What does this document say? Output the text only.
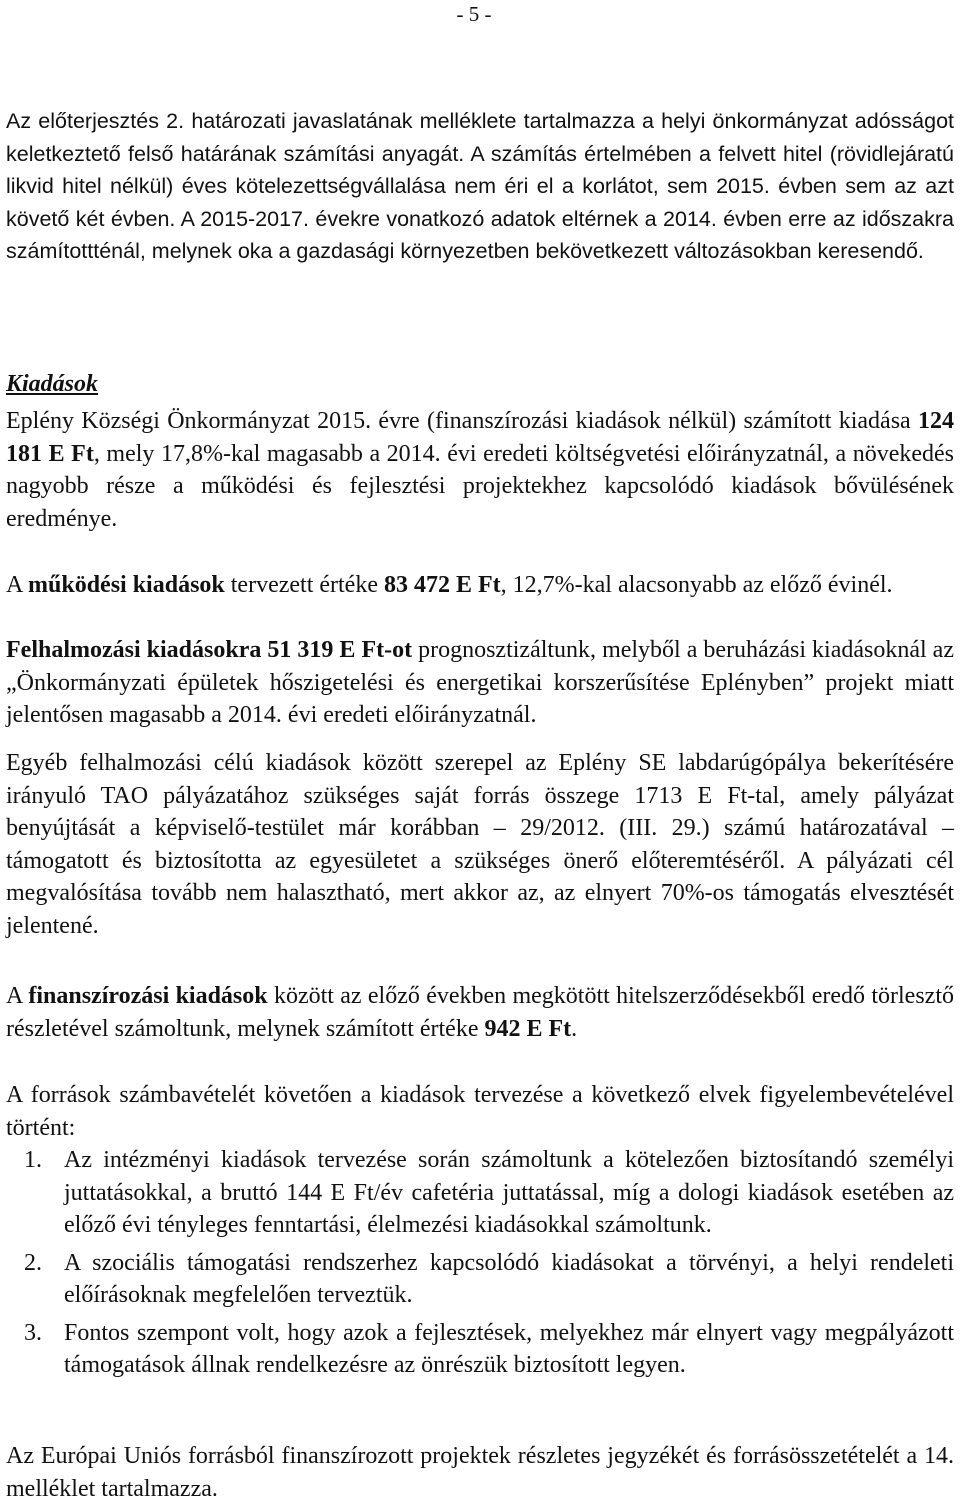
- 5 -

Az előterjesztés 2. határozati javaslatának melléklete tartalmazza a helyi önkormányzat adósságot keletkeztető felső határának számítási anyagát. A számítás értelmében a felvett hitel (rövidlejáratú likvid hitel nélkül) éves kötelezettségvállalása nem éri el a korlátot, sem 2015. évben sem az azt követő két évben. A 2015-2017. évekre vonatkozó adatok eltérnek a 2014. évben erre az időszakra számítottténál, melynek oka a gazdasági környezetben bekövetkezett változásokban keresendő.

Kiadások

Eplény Községi Önkormányzat 2015. évre (finanszírozási kiadások nélkül) számított kiadása 124 181 E Ft, mely 17,8%-kal magasabb a 2014. évi eredeti költségvetési előirányzatnál, a növekedés nagyobb része a működési és fejlesztési projektekhez kapcsolódó kiadások bővülésének eredménye.

A működési kiadások tervezett értéke 83 472 E Ft, 12,7%-kal alacsonyabb az előző évinél.

Felhalmozási kiadásokra 51 319 E Ft-ot prognosztizáltunk, melyből a beruházási kiadásoknál az „Önkormányzati épületek hőszigetelési és energetikai korszerűsítése Eplényben” projekt miatt jelentősen magasabb a 2014. évi eredeti előirányzatnál.

Egyéb felhalmozási célú kiadások között szerepel az Eplény SE labdarúgópálya bekerítésére irányuló TAO pályázatához szükséges saját forrás összege 1713 E Ft-tal, amely pályázat benyújtását a képviselő-testület már korábban – 29/2012. (III. 29.) számú határozatával – támogatott és biztosította az egyesületet a szükséges önerő előteremtéséről. A pályázati cél megvalósítása tovább nem halasztható, mert akkor az, az elnyert 70%-os támogatás elvesztését jelentené.

A finanszírozási kiadások között az előző években megkötött hitelszerződésekből eredő törlesztő részletével számoltunk, melynek számított értéke 942 E Ft.

A források számbavételét követően a kiadások tervezése a következő elvek figyelembevételével történt:

1. Az intézményi kiadások tervezése során számoltunk a kötelezően biztosítandó személyi juttatásokkal, a bruttó 144 E Ft/év cafetéria juttatással, míg a dologi kiadások esetében az előző évi tényleges fenntartási, élelmezési kiadásokkal számoltunk.
2. A szociális támogatási rendszerhez kapcsolódó kiadásokat a törvényi, a helyi rendeleti előírásoknak megfelelően terveztük.
3. Fontos szempont volt, hogy azok a fejlesztések, melyekhez már elnyert vagy megpályázott támogatások állnak rendelkezésre az önrészük biztosított legyen.

Az Európai Uniós forrásból finanszírozott projektek részletes jegyzékét és forrásösszetételét a 14. melléklet tartalmazza.
